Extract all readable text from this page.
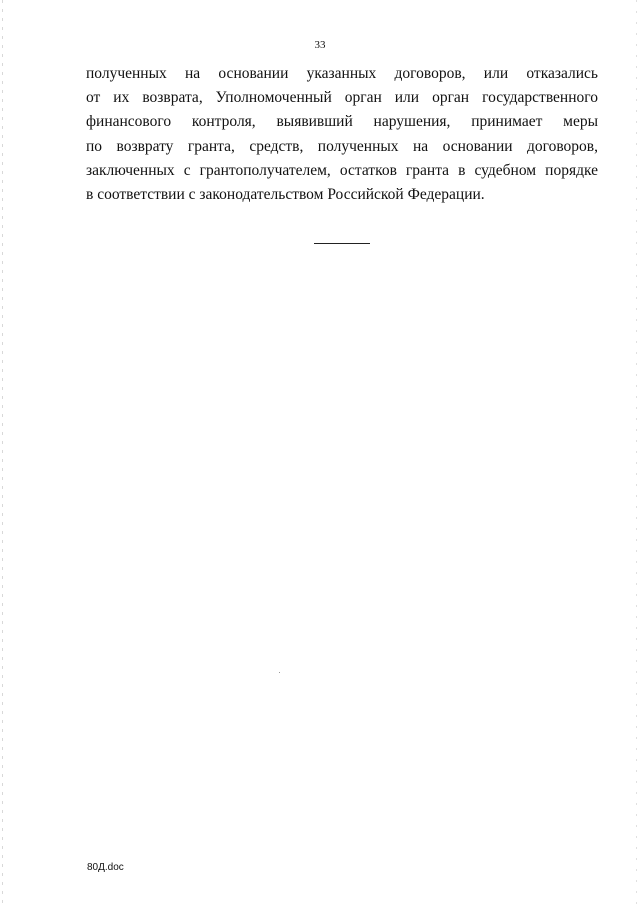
33

полученных на основании указанных договоров, или отказались
от их возврата, Уполномоченный орган или орган государственного
финансового контроля, выявивший нарушения, принимает меры
по возврату гранта, средств, полученных на основании договоров,
заключенных с грантополучателем, остатков гранта в судебном порядке
в соответствии с законодательством Российской Федерации.

80Д.doc
